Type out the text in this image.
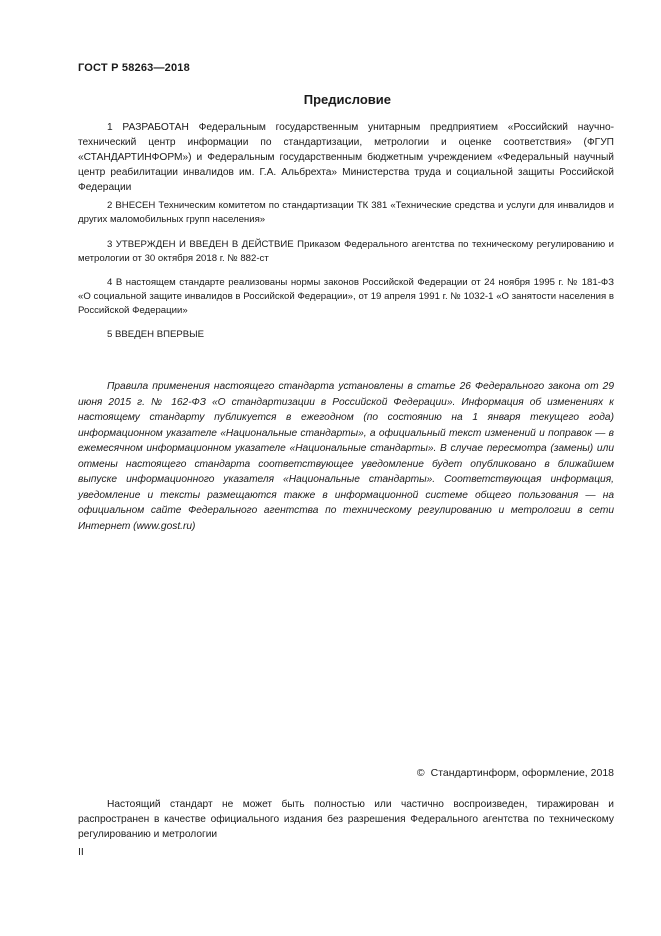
ГОСТ Р 58263—2018
Предисловие

1 РАЗРАБОТАН Федеральным государственным унитарным предприятием «Российский научно-технический центр информации по стандартизации, метрологии и оценке соответствия» (ФГУП «СТАНДАРТИНФОРМ») и Федеральным государственным бюджетным учреждением «Федеральный научный центр реабилитации инвалидов им. Г.А. Альбрехта» Министерства труда и социальной защиты Российской Федерации

2 ВНЕСЕН Техническим комитетом по стандартизации ТК 381 «Технические средства и услуги для инвалидов и других маломобильных групп населения»

3 УТВЕРЖДЕН И ВВЕДЕН В ДЕЙСТВИЕ Приказом Федерального агентства по техническому регулированию и метрологии от 30 октября 2018 г. № 882-ст

4 В настоящем стандарте реализованы нормы законов Российской Федерации от 24 ноября 1995 г. № 181-ФЗ «О социальной защите инвалидов в Российской Федерации», от 19 апреля 1991 г. № 1032-1 «О занятости населения в Российской Федерации»

5 ВВЕДЕН ВПЕРВЫЕ

Правила применения настоящего стандарта установлены в статье 26 Федерального закона от 29 июня 2015 г. № 162-ФЗ «О стандартизации в Российской Федерации». Информация об изменениях к настоящему стандарту публикуется в ежегодном (по состоянию на 1 января текущего года) информационном указателе «Национальные стандарты», а официальный текст изменений и поправок — в ежемесячном информационном указателе «Национальные стандарты». В случае пересмотра (замены) или отмены настоящего стандарта соответствующее уведомление будет опубликовано в ближайшем выпуске информационного указателя «Национальные стандарты». Соответствующая информация, уведомление и тексты размещаются также в информационной системе общего пользования — на официальном сайте Федерального агентства по техническому регулированию и метрологии в сети Интернет (www.gost.ru)

© Стандартинформ, оформление, 2018

Настоящий стандарт не может быть полностью или частично воспроизведен, тиражирован и распространен в качестве официального издания без разрешения Федерального агентства по техническому регулированию и метрологии

II
